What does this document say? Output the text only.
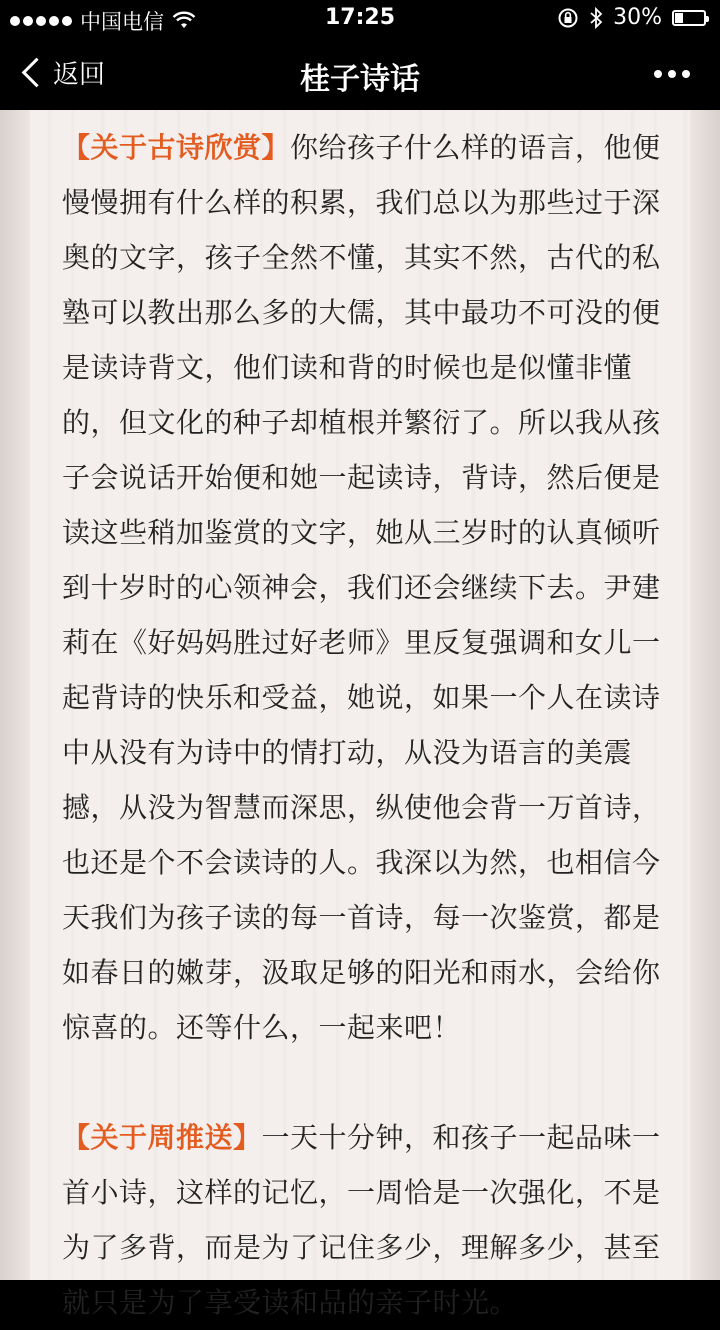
中国电信	17:25	30%
返回	桂子诗话

【关于古诗欣赏】你给孩子什么样的语言，他便慢慢拥有什么样的积累，我们总以为那些过于深奥的文字，孩子全然不懂，其实不然，古代的私塾可以教出那么多的大儒，其中最功不可没的便是读诗背文，他们读和背的时候也是似懂非懂的，但文化的种子却植根并繁衍了。所以我从孩子会说话开始便和她一起读诗，背诗，然后便是读这些稍加鉴赏的文字，她从三岁时的认真倾听到十岁时的心领神会，我们还会继续下去。尹建莉在《好妈妈胜过好老师》里反复强调和女儿一起背诗的快乐和受益，她说，如果一个人在读诗中从没有为诗中的情打动，从没为语言的美震撼，从没为智慧而深思，纵使他会背一万首诗，也还是个不会读诗的人。我深以为然，也相信今天我们为孩子读的每一首诗，每一次鉴赏，都是如春日的嫩芽，汲取足够的阳光和雨水，会给你惊喜的。还等什么，一起来吧！

【关于周推送】一天十分钟，和孩子一起品味一首小诗，这样的记忆，一周恰是一次强化，不是为了多背，而是为了记住多少，理解多少，甚至就只是为了享受读和品的亲子时光。
